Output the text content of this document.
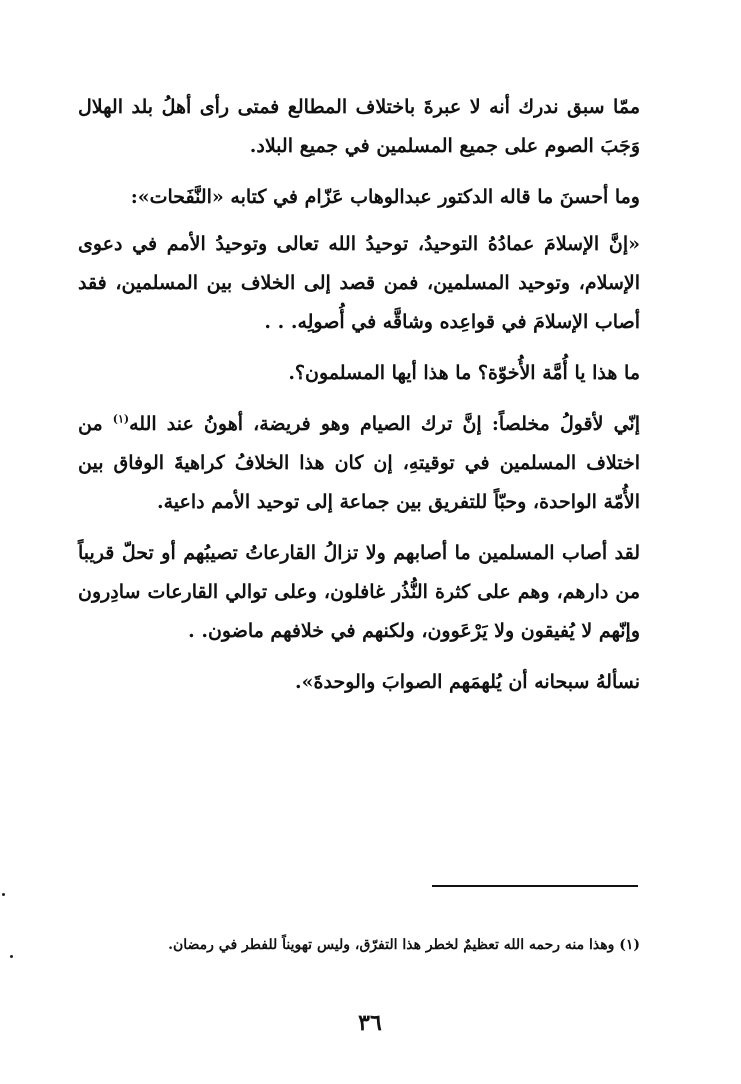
ممّا سبق ندرك أنه لا عبرةَ باختلاف المطالع فمتى رأى أهلُ بلد الهلال وَجَبَ الصوم على جميع المسلمين في جميع البلاد.

وما أحسنَ ما قاله الدكتور عبدالوهاب عَزّام في كتابه «النَّفَحات»:

«إنَّ الإسلامَ عمادُهُ التوحيدُ، توحيدُ الله تعالى وتوحيدُ الأمم في دعوى الإسلام، وتوحيد المسلمين، فمن قصد إلى الخلاف بين المسلمين، فقد أصاب الإسلامَ في قواعِده وشاقَّه في أُصولِه. . .

ما هذا يا أُمَّة الأُخوّة؟ ما هذا أيها المسلمون؟.

إنّي لأقولُ مخلصاً: إنَّ ترك الصيام وهو فريضة، أهونُ عند الله$^{(١)}$ من اختلاف المسلمين في توقيتهِ، إن كان هذا الخلافُ كراهيةَ الوفاق بين الأُمّة الواحدة، وحبّاً للتفريق بين جماعة إلى توحيد الأمم داعية.

لقد أصاب المسلمين ما أصابهم ولا تزالُ القارعاتُ تصيبُهم أو تحلّ قريباً من دارهم، وهم على كثرة النُّذُر غافلون، وعلى توالي القارعات سادِرون وإنّهم لا يُفيقون ولا يَرْعَوون، ولكنهم في خلافهم ماضون. .

نسألهُ سبحانه أن يُلهمَهم الصوابَ والوحدةَ».

(١) وهذا منه رحمه الله تعظيمٌ لخطر هذا التفرّق، وليس تهويناً للفطر في رمضان.
٣٦
